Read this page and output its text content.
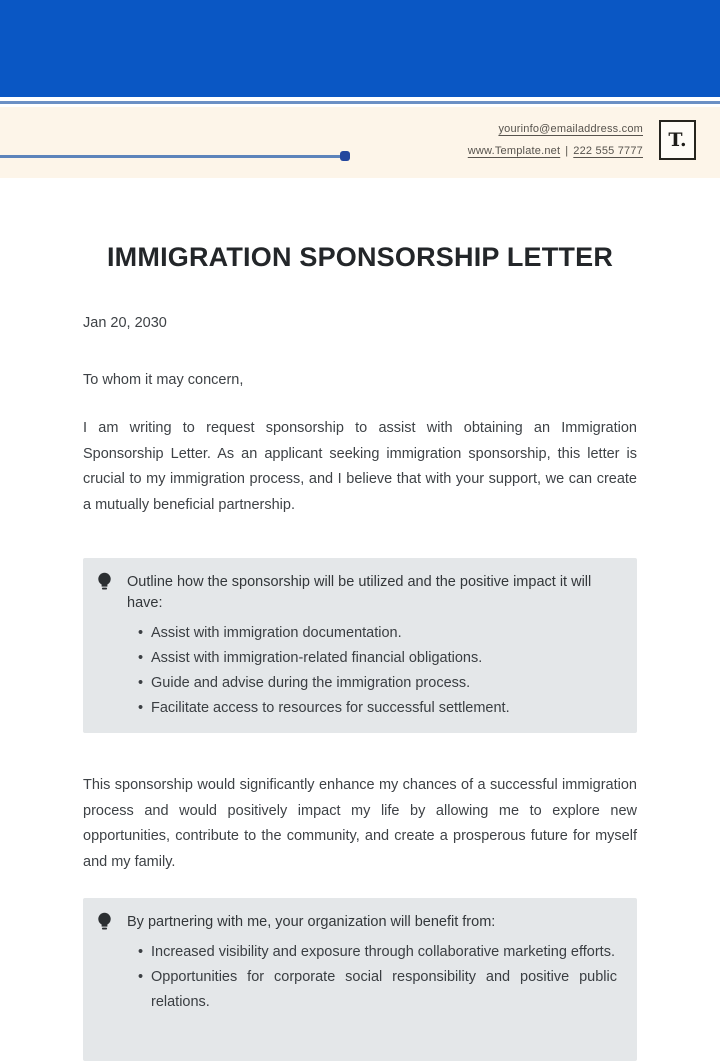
yourinfo@emailaddress.com
www.Template.net | 222 555 7777 T.
IMMIGRATION SPONSORSHIP LETTER
Jan 20, 2030
To whom it may concern,

I am writing to request sponsorship to assist with obtaining an Immigration Sponsorship Letter. As an applicant seeking immigration sponsorship, this letter is crucial to my immigration process, and I believe that with your support, we can create a mutually beneficial partnership.

Outline how the sponsorship will be utilized and the positive impact it will have:
• Assist with immigration documentation.
• Assist with immigration-related financial obligations.
• Guide and advise during the immigration process.
• Facilitate access to resources for successful settlement.

This sponsorship would significantly enhance my chances of a successful immigration process and would positively impact my life by allowing me to explore new opportunities, contribute to the community, and create a prosperous future for myself and my family.

By partnering with me, your organization will benefit from:
• Increased visibility and exposure through collaborative marketing efforts.
• Opportunities for corporate social responsibility and positive public relations.
